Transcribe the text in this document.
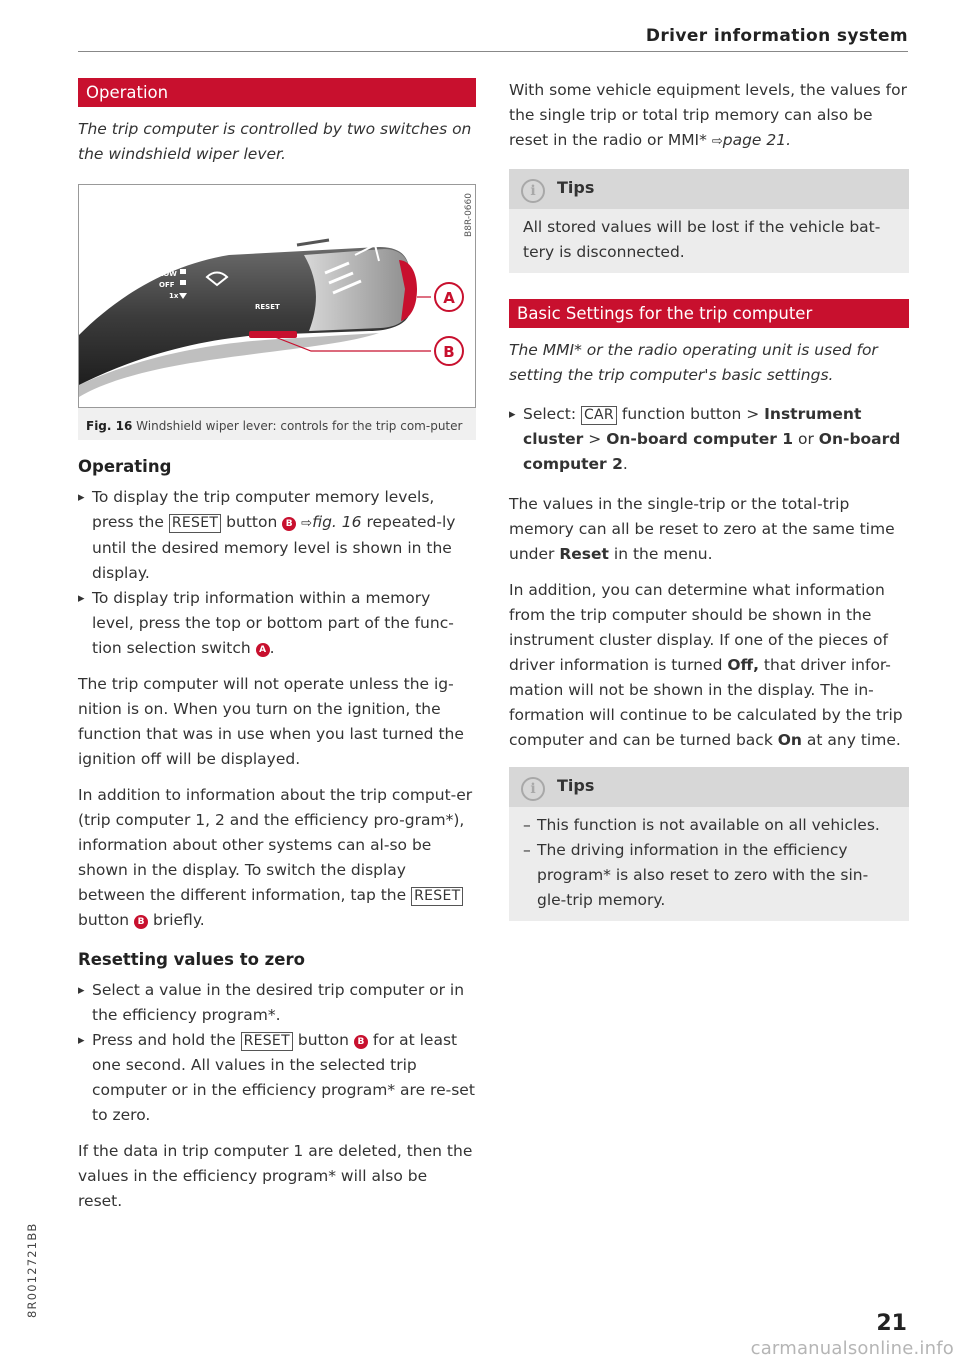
Driver information system
Operation

The trip computer is controlled by two switches on the windshield wiper lever.

HIGH
LOW
OFF
1x
RESET	A
B
B8R-0660
Fig. 16 Windshield wiper lever: controls for the trip com-puter
Operating
▸ To display the trip computer memory levels, press the RESET button B ⇨fig. 16 repeated-ly until the desired memory level is shown in the display.
▸ To display trip information within a memory level, press the top or bottom part of the func-tion selection switch A .

The trip computer will not operate unless the ig-nition is on. When you turn on the ignition, the function that was in use when you last turned the ignition off will be displayed.

In addition to information about the trip comput-er (trip computer 1, 2 and the efficiency pro-gram*), information about other systems can al-so be shown in the display. To switch the display between the different information, tap the RESET button B briefly.

Resetting values to zero
▸ Select a value in the desired trip computer or in the efficiency program*.
▸ Press and hold the RESET button B for at least one second. All values in the selected trip computer or in the efficiency program* are re-set to zero.

If the data in trip computer 1 are deleted, then the values in the efficiency program* will also be reset.

With some vehicle equipment levels, the values for the single trip or total trip memory can also be reset in the radio or MMI* ⇨page 21.

i Tips
All stored values will be lost if the vehicle bat-tery is disconnected.
Basic Settings for the trip computer

The MMI* or the radio operating unit is used for setting the trip computer's basic settings.

▸ Select: CAR function button > Instrument cluster > On-board computer 1 or On-board computer 2.

The values in the single-trip or the total-trip memory can all be reset to zero at the same time under Reset in the menu.

In addition, you can determine what information from the trip computer should be shown in the instrument cluster display. If one of the pieces of driver information is turned Off, that driver infor-mation will not be shown in the display. The in-formation will continue to be calculated by the trip computer and can be turned back On at any time.

i Tips
– This function is not available on all vehicles.
– The driving information in the efficiency program* is also reset to zero with the sin-gle-trip memory.
8R0012721BB
21
carmanualsonline.info
